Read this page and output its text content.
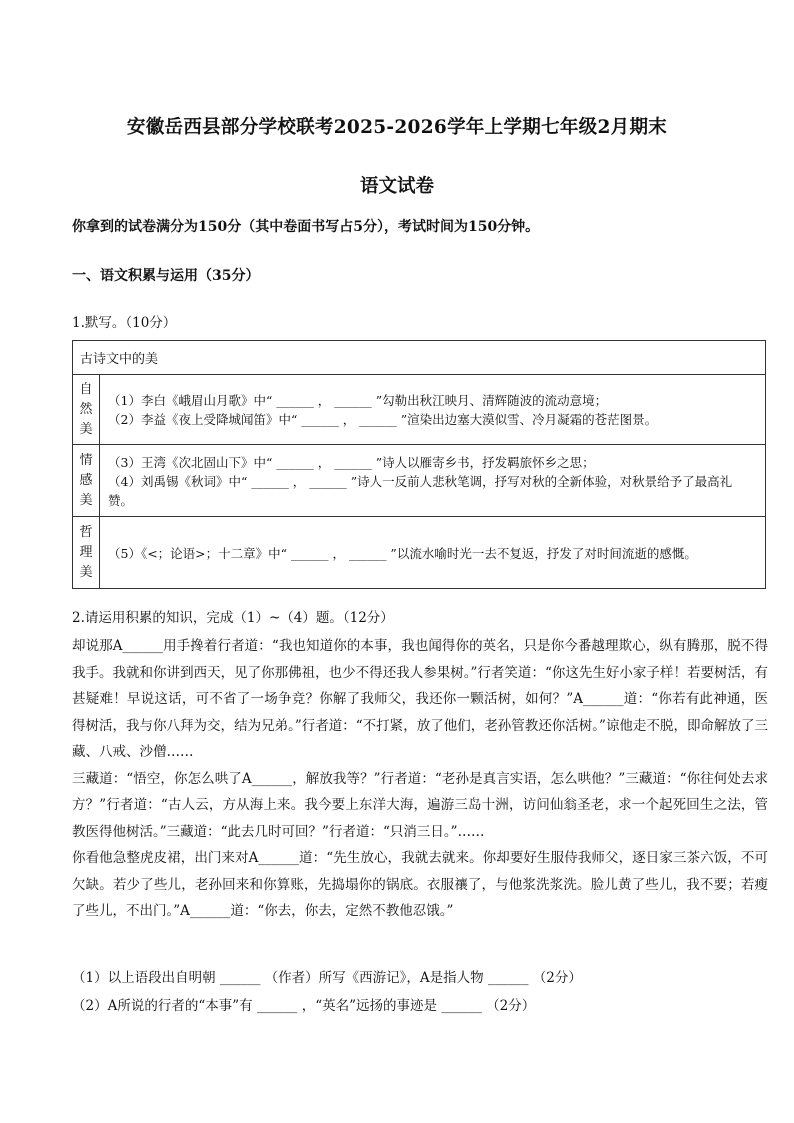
安徽岳西县部分学校联考2025-2026学年上学期七年级2月期末
语文试卷
你拿到的试卷满分为150分（其中卷面书写占5分），考试时间为150分钟。
一、语文积累与运用（35分）
1.默写。（10分）
古诗文中的美	
自然美	（1）李白《峨眉山月歌》中“ ______ ， ______ ”勾勒出秋江映月、清辉随波的流动意境；
（2）李益《夜上受降城闻笛》中“ ______ ， ______ ”渲染出边塞大漠似雪、冷月凝霜的苍茫图景。

情感美	（3）王湾《次北固山下》中“ ______ ， ______ ”诗人以雁寄乡书，抒发羁旅怀乡之思；
（4）刘禹锡《秋词》中“ ______ ， ______ ”诗人一反前人悲秋笔调，抒写对秋的全新体验，对秋景给予了最高礼赞。

哲理美	（5）《<；论语>；十二章》中“ ______ ， ______ ”以流水喻时光一去不复返，抒发了对时间流逝的感慨。
2.请运用积累的知识，完成（1）~（4）题。（12分）
却说那A______用手搀着行者道：“我也知道你的本事，我也闻得你的英名，只是你今番越理欺心，纵有腾那，脱不得我手。我就和你讲到西天，见了你那佛祖，也少不得还我人参果树。”行者笑道：“你这先生好小家子样！若要树活，有甚疑难！早说这话，可不省了一场争竞？你解了我师父，我还你一颗活树，如何？”A______道：“你若有此神通，医得树活，我与你八拜为交，结为兄弟。”行者道：“不打紧，放了他们，老孙管教还你活树。”谅他走不脱，即命解放了三藏、八戒、沙僧……
三藏道：“悟空，你怎么哄了A______，解放我等？”行者道：“老孙是真言实语，怎么哄他？”三藏道：“你往何处去求方？”行者道：“古人云，方从海上来。我今要上东洋大海，遍游三岛十洲，访问仙翁圣老，求一个起死回生之法，管教医得他树活。”三藏道：“此去几时可回？”行者道：“只消三日。”……
你看他急整虎皮裙，出门来对A______道：“先生放心，我就去就来。你却要好生服侍我师父，逐日家三茶六饭，不可欠缺。若少了些儿，老孙回来和你算账，先捣塌你的锅底。衣服禳了，与他浆洗浆洗。脸儿黄了些儿，我不要；若瘦了些儿，不出门。”A______道：“你去，你去，定然不教他忍饿。”
（1）以上语段出自明朝 ______ （作者）所写《西游记》，A是指人物 ______ （2分）
（2）A所说的行者的“本事”有 ______ ，“英名”远扬的事迹是 ______ （2分）
